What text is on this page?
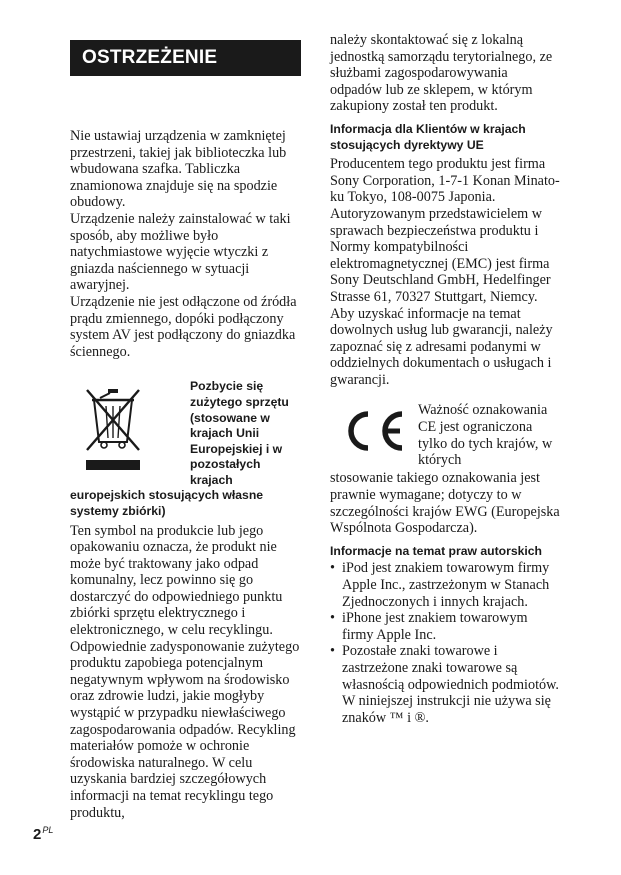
OSTRZEŻENIE
Nie ustawiaj urządzenia w zamkniętej przestrzeni, takiej jak biblioteczka lub wbudowana szafka. Tabliczka znamionowa znajduje się na spodzie obudowy.
Urządzenie należy zainstalować w taki sposób, aby możliwe było natychmiastowe wyjęcie wtyczki z gniazda naściennego w sytuacji awaryjnej.
Urządzenie nie jest odłączone od źródła prądu zmiennego, dopóki podłączony system AV jest podłączony do gniazdka ściennego.
Pozbycie się zużytego sprzętu (stosowane w krajach Unii Europejskiej i w pozostałych krajach
europejskich stosujących własne systemy zbiórki)
Ten symbol na produkcie lub jego opakowaniu oznacza, że produkt nie może być traktowany jako odpad komunalny, lecz powinno się go dostarczyć do odpowiedniego punktu zbiórki sprzętu elektrycznego i elektronicznego, w celu recyklingu. Odpowiednie zadysponowanie zużytego produktu zapobiega potencjalnym negatywnym wpływom na środowisko oraz zdrowie ludzi, jakie mogłyby wystąpić w przypadku niewłaściwego zagospodarowania odpadów. Recykling materiałów pomoże w ochronie środowiska naturalnego. W celu uzyskania bardziej szczegółowych informacji na temat recyklingu tego produktu,
należy skontaktować się z lokalną jednostką samorządu terytorialnego, ze służbami zagospodarowywania odpadów lub ze sklepem, w którym zakupiony został ten produkt.
Informacja dla Klientów w krajach stosujących dyrektywy UE
Producentem tego produktu jest firma Sony Corporation, 1-7-1 Konan Minato-ku Tokyo, 108-0075 Japonia.
Autoryzowanym przedstawicielem w sprawach bezpieczeństwa produktu i Normy kompatybilności elektromagnetycznej (EMC) jest firma Sony Deutschland GmbH, Hedelfinger Strasse 61, 70327 Stuttgart, Niemcy. Aby uzyskać informacje na temat dowolnych usług lub gwarancji, należy zapoznać się z adresami podanymi w oddzielnych dokumentach o usługach i gwarancji.
Ważność oznakowania CE jest ograniczona tylko do tych krajów, w których
stosowanie takiego oznakowania jest prawnie wymagane; dotyczy to w szczególności krajów EWG (Europejska Wspólnota Gospodarcza).
Informacje na temat praw autorskich
• iPod jest znakiem towarowym firmy Apple Inc., zastrzeżonym w Stanach Zjednoczonych i innych krajach.
• iPhone jest znakiem towarowym firmy Apple Inc.
• Pozostałe znaki towarowe i zastrzeżone znaki towarowe są własnością odpowiednich podmiotów. W niniejszej instrukcji nie używa się znaków ™ i ®.
$2^{PL}$
